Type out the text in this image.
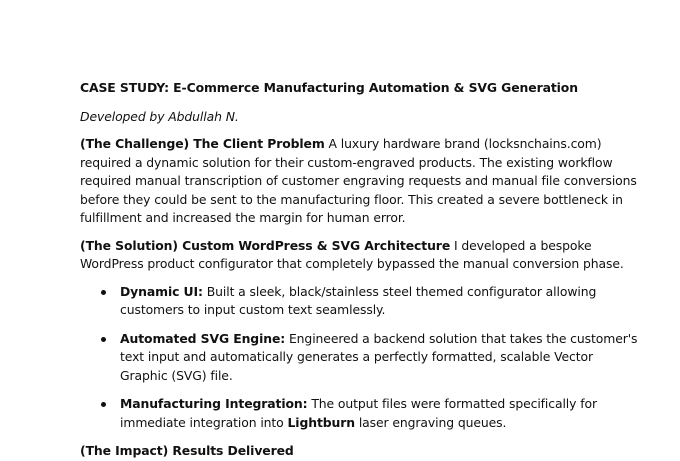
CASE STUDY: E-Commerce Manufacturing Automation & SVG Generation

Developed by Abdullah N.

(The Challenge) The Client Problem A luxury hardware brand (locksnchains.com) required a dynamic solution for their custom-engraved products. The existing workflow required manual transcription of customer engraving requests and manual file conversions before they could be sent to the manufacturing floor. This created a severe bottleneck in fulfillment and increased the margin for human error.

(The Solution) Custom WordPress & SVG Architecture I developed a bespoke WordPress product configurator that completely bypassed the manual conversion phase.

Dynamic UI: Built a sleek, black/stainless steel themed configurator allowing customers to input custom text seamlessly.
Automated SVG Engine: Engineered a backend solution that takes the customer's text input and automatically generates a perfectly formatted, scalable Vector Graphic (SVG) file.
Manufacturing Integration: The output files were formatted specifically for immediate integration into Lightburn laser engraving queues.

(The Impact) Results Delivered
